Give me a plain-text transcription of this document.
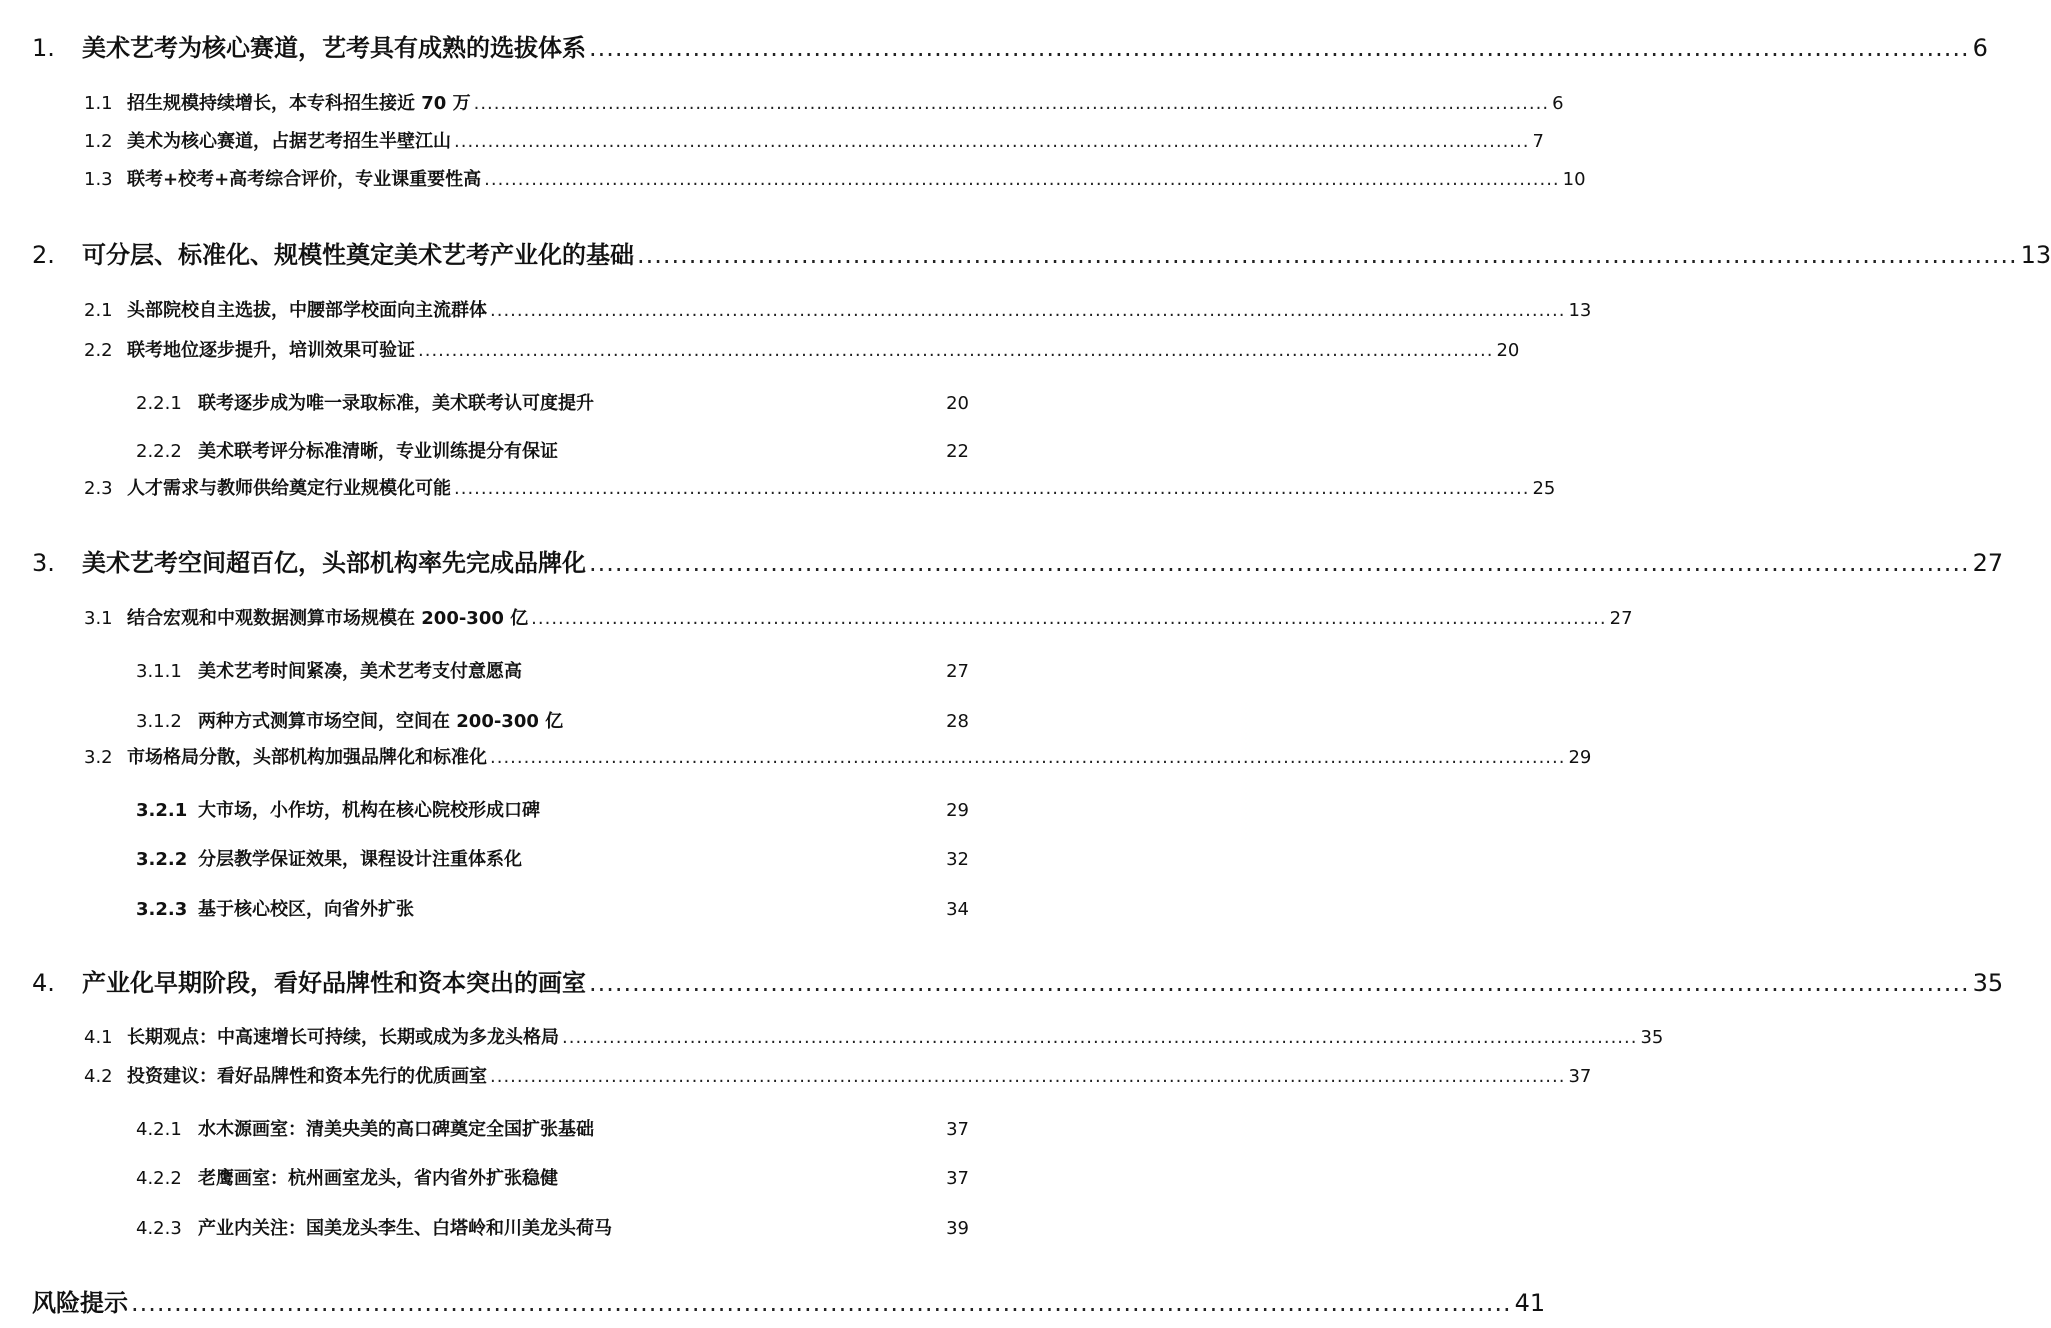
1.	美术艺考为核心赛道，艺考具有成熟的选拔体系 ................................................................................................................................................................ 6
1.1 招生规模持续增长，本专科招生接近 70 万 ................................................................................................................................................................ 6
1.2 美术为核心赛道，占据艺考招生半壁江山 ................................................................................................................................................................ 7
1.3 联考+校考+高考综合评价，专业课重要性高 ................................................................................................................................................................ 10
2.	可分层、标准化、规模性奠定美术艺考产业化的基础 ................................................................................................................................................................ 13
2.1 头部院校自主选拔，中腰部学校面向主流群体 ................................................................................................................................................................ 13
2.2 联考地位逐步提升，培训效果可验证 ................................................................................................................................................................ 20
2.2.1 联考逐步成为唯一录取标准，美术联考认可度提升	20
2.2.2 美术联考评分标准清晰，专业训练提分有保证	22
2.3 人才需求与教师供给奠定行业规模化可能 ................................................................................................................................................................ 25
3.	美术艺考空间超百亿，头部机构率先完成品牌化 ................................................................................................................................................................ 27
3.1 结合宏观和中观数据测算市场规模在 200-300 亿 ................................................................................................................................................................ 27
3.1.1 美术艺考时间紧凑，美术艺考支付意愿高	27
3.1.2 两种方式测算市场空间，空间在 200-300 亿	28
3.2 市场格局分散，头部机构加强品牌化和标准化 ................................................................................................................................................................ 29
3.2.1 大市场，小作坊，机构在核心院校形成口碑	29
3.2.2 分层教学保证效果，课程设计注重体系化	32
3.2.3 基于核心校区，向省外扩张	34
4.	产业化早期阶段，看好品牌性和资本突出的画室 ................................................................................................................................................................ 35
4.1 长期观点：中高速增长可持续，长期或成为多龙头格局 ................................................................................................................................................................ 35
4.2 投资建议：看好品牌性和资本先行的优质画室 ................................................................................................................................................................ 37
4.2.1 水木源画室：清美央美的高口碑奠定全国扩张基础	37
4.2.2 老鹰画室：杭州画室龙头，省内省外扩张稳健	37
4.2.3 产业内关注：国美龙头李生、白塔岭和川美龙头荷马	39
风险提示 ................................................................................................................................................................ 41
